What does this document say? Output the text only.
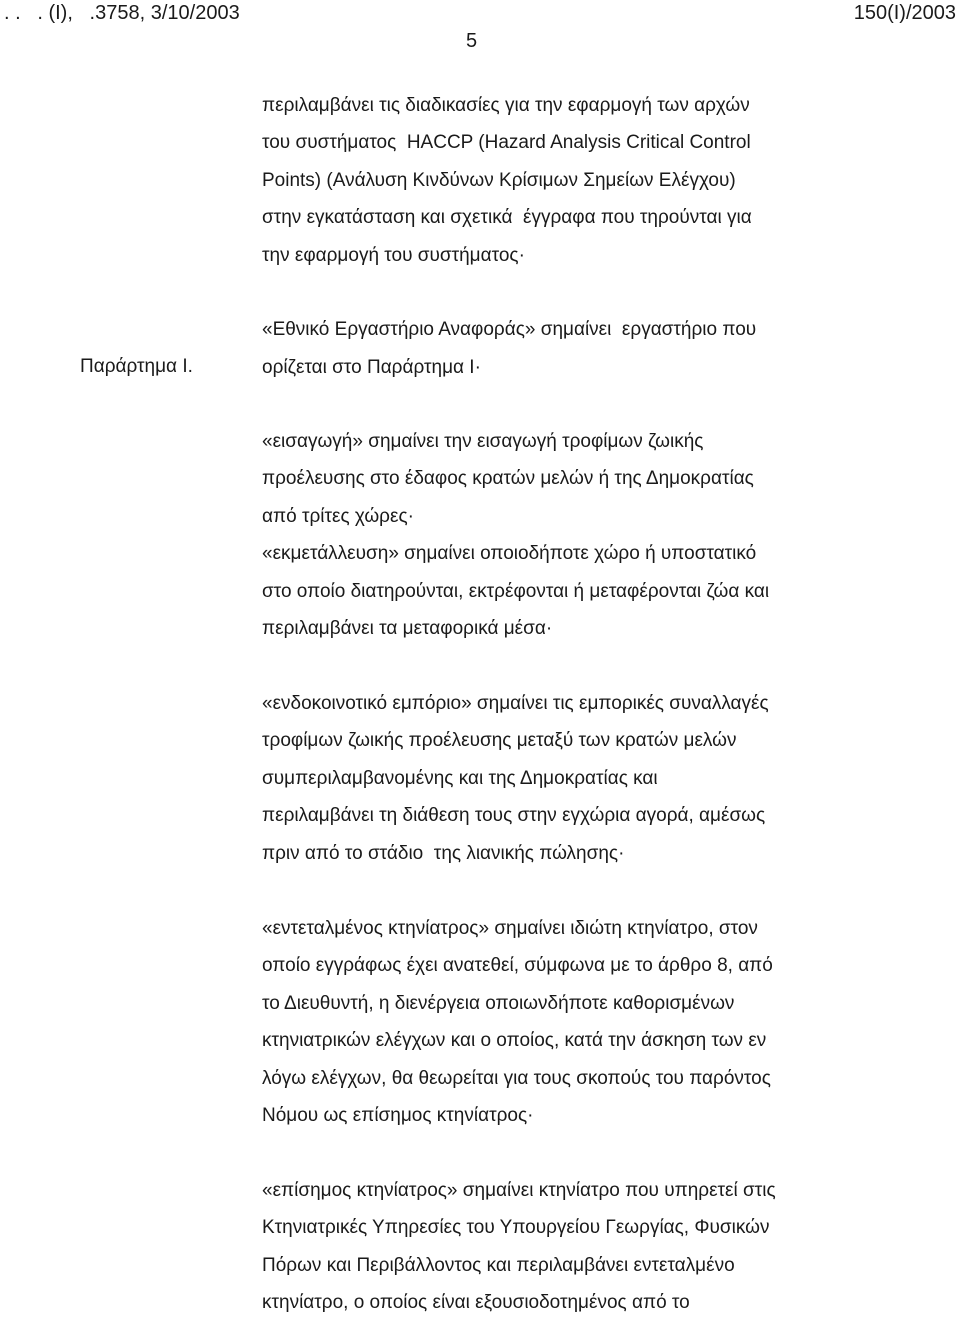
. .   . (I),   .3758, 3/10/2003	150(I)/2003
5
Παράρτημα Ι.
περιλαμβάνει τις διαδικασίες για την εφαρμογή των αρχών
του συστήματος  HACCP (Hazard Analysis Critical Control
Points) (Ανάλυση Κινδύνων Κρίσιμων Σημείων Ελέγχου)
στην εγκατάσταση και σχετικά  έγγραφα που τηρούνται για
την εφαρμογή του συστήματος·
«Εθνικό Εργαστήριο Αναφοράς» σημαίνει  εργαστήριο που
ορίζεται στο Παράρτημα Ι·
«εισαγωγή» σημαίνει την εισαγωγή τροφίμων ζωικής
προέλευσης στο έδαφος κρατών μελών ή της Δημοκρατίας
από τρίτες χώρες·
«εκμετάλλευση» σημαίνει οποιοδήποτε χώρο ή υποστατικό
στο οποίο διατηρούνται, εκτρέφονται ή μεταφέρονται ζώα και
περιλαμβάνει τα μεταφορικά μέσα·
«ενδοκοινοτικό εμπόριο» σημαίνει τις εμπορικές συναλλαγές
τροφίμων ζωικής προέλευσης μεταξύ των κρατών μελών
συμπεριλαμβανομένης και της Δημοκρατίας και
περιλαμβάνει τη διάθεση τους στην εγχώρια αγορά, αμέσως
πριν από το στάδιο  της λιανικής πώλησης·
«εντεταλμένος κτηνίατρος» σημαίνει ιδιώτη κτηνίατρο, στον
οποίο εγγράφως έχει ανατεθεί, σύμφωνα με το άρθρο 8, από
το Διευθυντή, η διενέργεια οποιωνδήποτε καθορισμένων
κτηνιατρικών ελέγχων και ο οποίος, κατά την άσκηση των εν
λόγω ελέγχων, θα θεωρείται για τους σκοπούς του παρόντος
Νόμου ως επίσημος κτηνίατρος·
«επίσημος κτηνίατρος» σημαίνει κτηνίατρο που υπηρετεί στις
Κτηνιατρικές Υπηρεσίες του Υπουργείου Γεωργίας, Φυσικών
Πόρων και Περιβάλλοντος και περιλαμβάνει εντεταλμένο
κτηνίατρο, ο οποίος είναι εξουσιοδοτημένος από το
